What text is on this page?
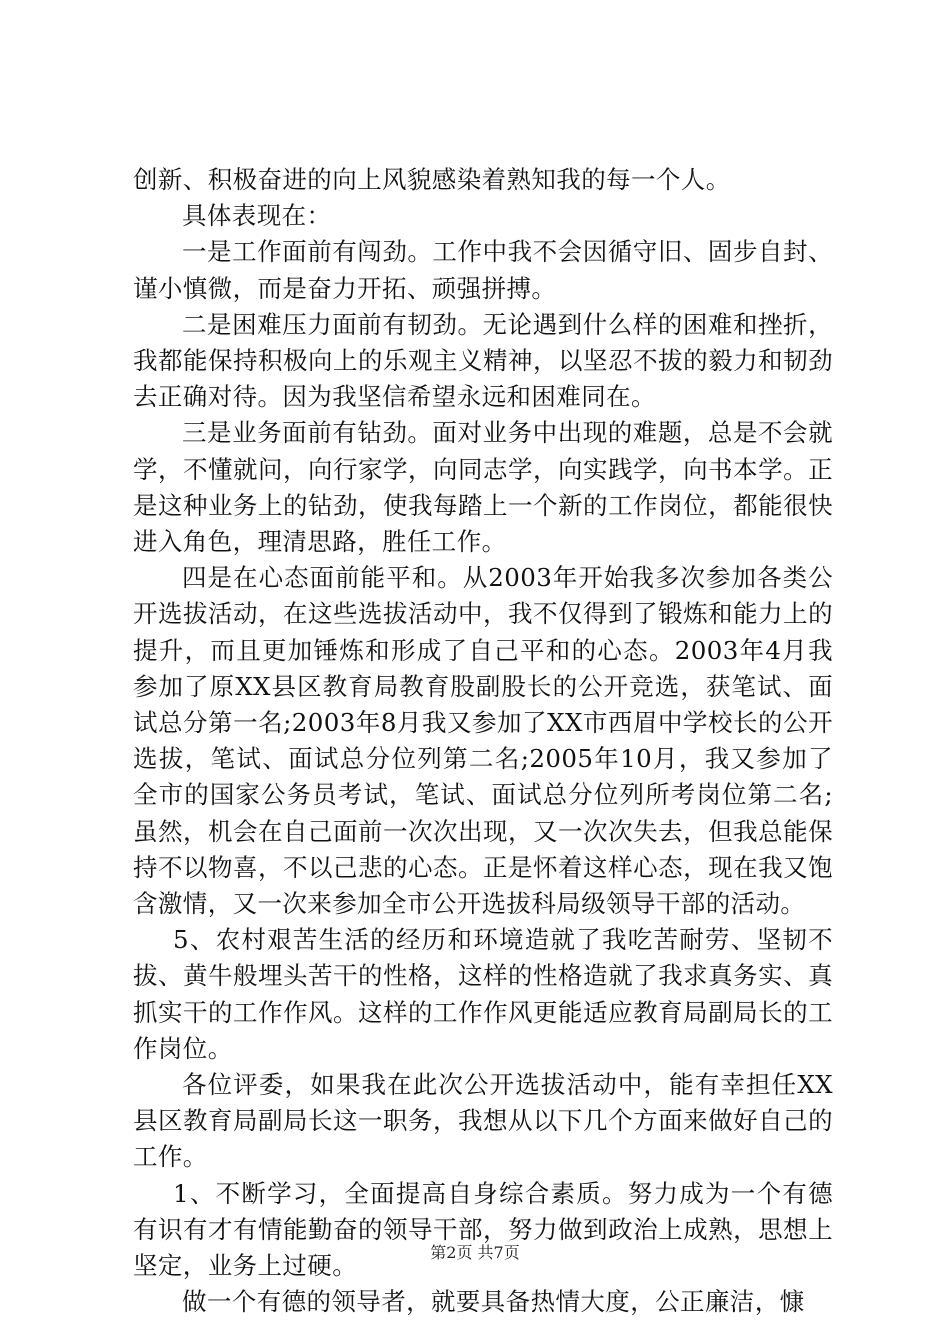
创新、积极奋进的向上风貌感染着熟知我的每一个人。

具体表现在：

一是工作面前有闯劲。工作中我不会因循守旧、固步自封、谨小慎微，而是奋力开拓、顽强拼搏。

二是困难压力面前有韧劲。无论遇到什么样的困难和挫折，我都能保持积极向上的乐观主义精神，以坚忍不拔的毅力和韧劲去正确对待。因为我坚信希望永远和困难同在。

三是业务面前有钻劲。面对业务中出现的难题，总是不会就学，不懂就问，向行家学，向同志学，向实践学，向书本学。正是这种业务上的钻劲，使我每踏上一个新的工作岗位，都能很快进入角色，理清思路，胜任工作。

四是在心态面前能平和。从2003年开始我多次参加各类公开选拔活动，在这些选拔活动中，我不仅得到了锻炼和能力上的提升，而且更加锤炼和形成了自己平和的心态。2003年4月我参加了原XX县区教育局教育股副股长的公开竞选，获笔试、面试总分第一名;2003年8月我又参加了XX市西眉中学校长的公开选拔，笔试、面试总分位列第二名;2005年10月，我又参加了全市的国家公务员考试，笔试、面试总分位列所考岗位第二名;虽然，机会在自己面前一次次出现，又一次次失去，但我总能保持不以物喜，不以己悲的心态。正是怀着这样心态，现在我又饱含激情，又一次来参加全市公开选拔科局级领导干部的活动。

5、农村艰苦生活的经历和环境造就了我吃苦耐劳、坚韧不拔、黄牛般埋头苦干的性格，这样的性格造就了我求真务实、真抓实干的工作作风。这样的工作作风更能适应教育局副局长的工作岗位。

各位评委，如果我在此次公开选拔活动中，能有幸担任XX县区教育局副局长这一职务，我想从以下几个方面来做好自己的工作。

1、不断学习，全面提高自身综合素质。努力成为一个有德有识有才有情能勤奋的领导干部，努力做到政治上成熟，思想上坚定，业务上过硬。

做一个有德的领导者，就要具备热情大度，公正廉洁，慷

第2页 共7页
